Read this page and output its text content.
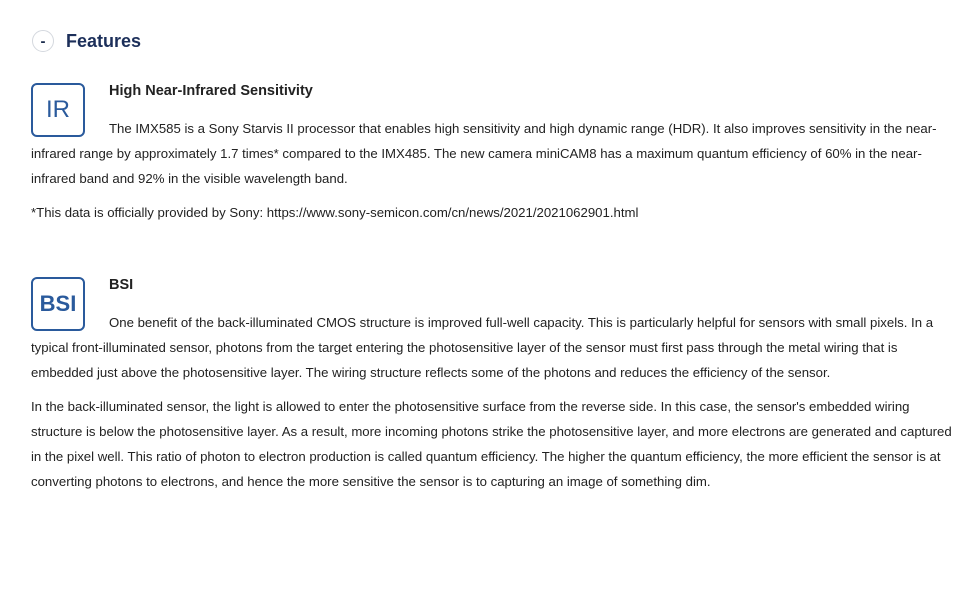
-	Features
IR
High Near-Infrared Sensitivity

The IMX585 is a Sony Starvis II processor that enables high sensitivity and high dynamic range (HDR). It also improves sensitivity in the near-infrared range by approximately 1.7 times* compared to the IMX485. The new camera miniCAM8 has a maximum quantum efficiency of 60% in the near-infrared band and 92% in the visible wavelength band.

*This data is officially provided by Sony: https://www.sony-semicon.com/cn/news/2021/2021062901.html

BSI
BSI

One benefit of the back-illuminated CMOS structure is improved full-well capacity. This is particularly helpful for sensors with small pixels. In a typical front-illuminated sensor, photons from the target entering the photosensitive layer of the sensor must first pass through the metal wiring that is embedded just above the photosensitive layer. The wiring structure reflects some of the photons and reduces the efficiency of the sensor.

In the back-illuminated sensor, the light is allowed to enter the photosensitive surface from the reverse side. In this case, the sensor's embedded wiring structure is below the photosensitive layer. As a result, more incoming photons strike the photosensitive layer, and more electrons are generated and captured in the pixel well. This ratio of photon to electron production is called quantum efficiency. The higher the quantum efficiency, the more efficient the sensor is at converting photons to electrons, and hence the more sensitive the sensor is to capturing an image of something dim.
